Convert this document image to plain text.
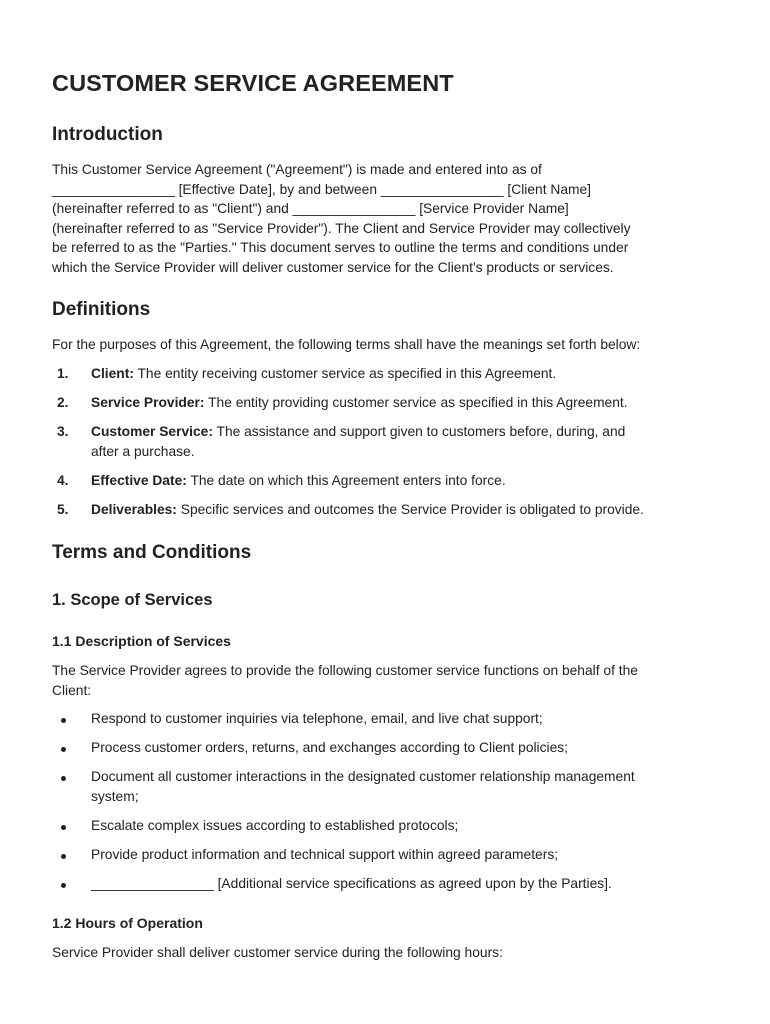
CUSTOMER SERVICE AGREEMENT
Introduction

This Customer Service Agreement ("Agreement") is made and entered into as of
________________ [Effective Date], by and between ________________ [Client Name]
(hereinafter referred to as "Client") and ________________ [Service Provider Name]
(hereinafter referred to as "Service Provider"). The Client and Service Provider may collectively
be referred to as the "Parties." This document serves to outline the terms and conditions under
which the Service Provider will deliver customer service for the Client's products or services.

Definitions

For the purposes of this Agreement, the following terms shall have the meanings set forth below:

1. Client: The entity receiving customer service as specified in this Agreement.
2. Service Provider: The entity providing customer service as specified in this Agreement.
3. Customer Service: The assistance and support given to customers before, during, and
after a purchase.
4. Effective Date: The date on which this Agreement enters into force.
5. Deliverables: Specific services and outcomes the Service Provider is obligated to provide.
Terms and Conditions
1. Scope of Services
1.1 Description of Services

The Service Provider agrees to provide the following customer service functions on behalf of the
Client:

Respond to customer inquiries via telephone, email, and live chat support;
Process customer orders, returns, and exchanges according to Client policies;
Document all customer interactions in the designated customer relationship management
system;
Escalate complex issues according to established protocols;
Provide product information and technical support within agreed parameters;
________________ [Additional service specifications as agreed upon by the Parties].
1.2 Hours of Operation

Service Provider shall deliver customer service during the following hours:
